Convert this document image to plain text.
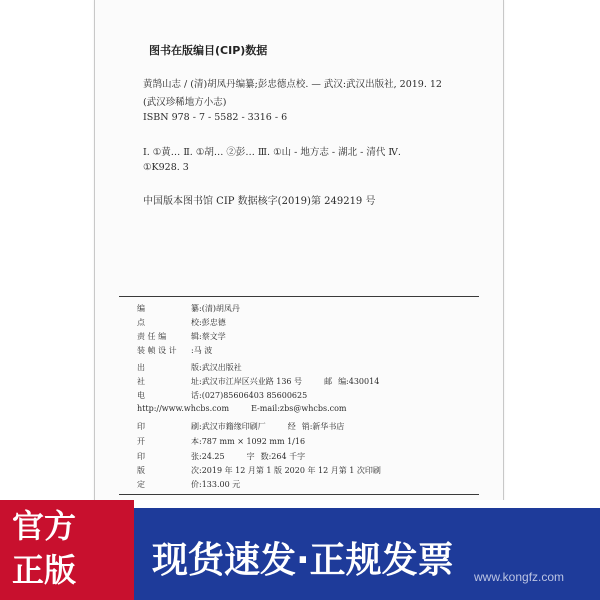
图书在版编目(CIP)数据
黄鹄山志 / (清)胡凤丹编纂;彭忠德点校. — 武汉:武汉出版社, 2019. 12
(武汉珍稀地方小志)
ISBN 978 - 7 - 5582 - 3316 - 6
Ⅰ. ①黄… Ⅱ. ①胡… ②彭… Ⅲ. ①山 - 地方志 - 湖北 - 清代 Ⅳ.
①K928. 3
中国版本图书馆 CIP 数据核字(2019)第 249219 号
编	纂:(清)胡凤丹
点	校:彭忠德
责 任 编	辑:蔡文学
装 帧 设 计 :马 波
出	版:武汉出版社
社	址:武汉市江岸区兴业路 136 号	邮 编:430014
电	话:(027)85606403 85600625
http://www.whcbs.com	E-mail:zbs@whcbs.com
印	刷:武汉市籍缘印刷厂	经 销:新华书店
开	本:787 mm × 1092 mm 1/16
印	张:24.25	字 数:264 千字
版	次:2019 年 12 月第 1 版 2020 年 12 月第 1 次印刷
定	价:133.00 元
官方
正版 现货速发·正规发票 www.kongfz.com
